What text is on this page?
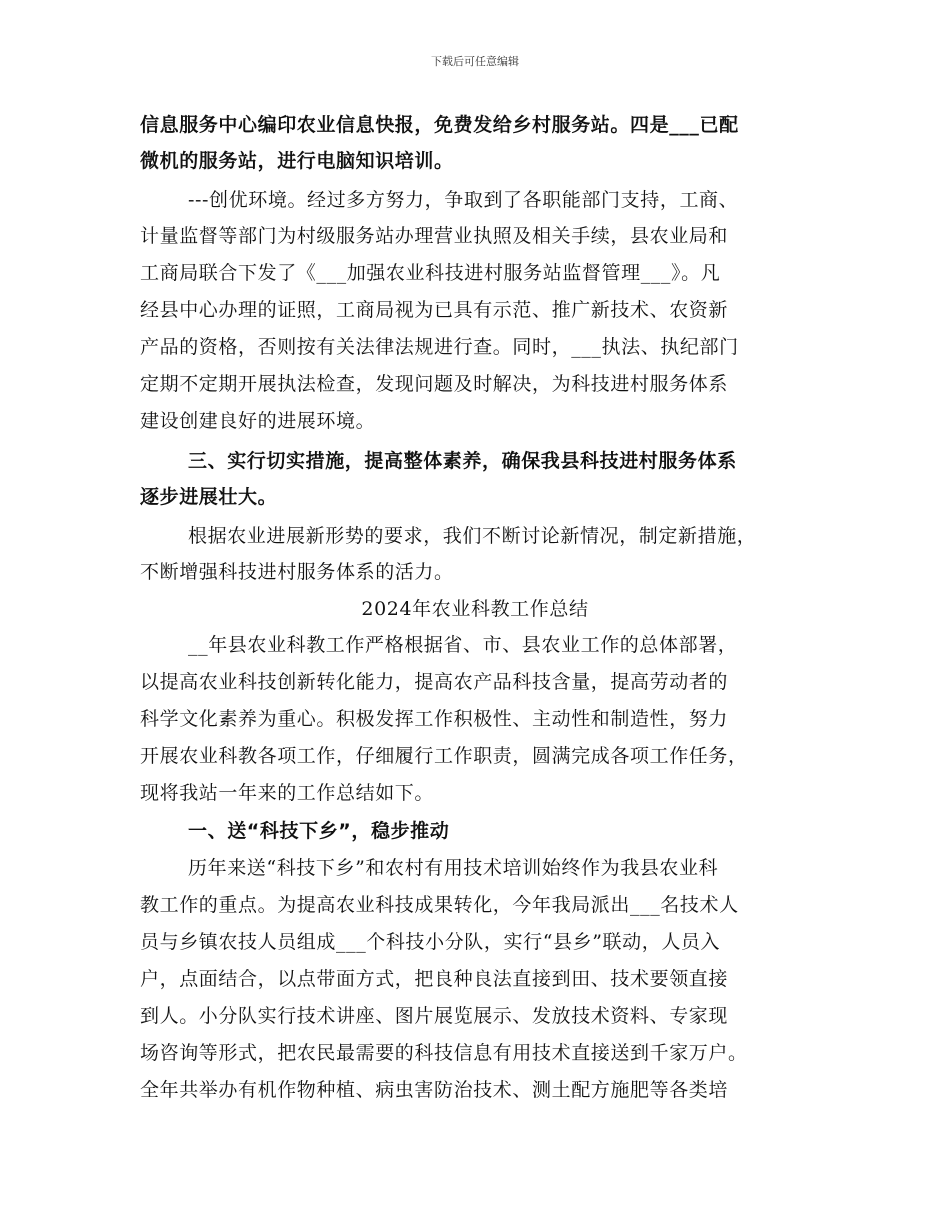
下载后可任意编辑
信息服务中心编印农业信息快报，免费发给乡村服务站。四是___已配
微机的服务站，进行电脑知识培训。
---创优环境。经过多方努力，争取到了各职能部门支持，工商、
计量监督等部门为村级服务站办理营业执照及相关手续，县农业局和
工商局联合下发了《___加强农业科技进村服务站监督管理___》。凡
经县中心办理的证照，工商局视为已具有示范、推广新技术、农资新
产品的资格，否则按有关法律法规进行查。同时，___执法、执纪部门
定期不定期开展执法检查，发现问题及时解决，为科技进村服务体系
建设创建良好的进展环境。
三、实行切实措施，提高整体素养，确保我县科技进村服务体系
逐步进展壮大。
根据农业进展新形势的要求，我们不断讨论新情况，制定新措施，
不断增强科技进村服务体系的活力。
2024年农业科教工作总结
__年县农业科教工作严格根据省、市、县农业工作的总体部署，
以提高农业科技创新转化能力，提高农产品科技含量，提高劳动者的
科学文化素养为重心。积极发挥工作积极性、主动性和制造性，努力
开展农业科教各项工作，仔细履行工作职责，圆满完成各项工作任务，
现将我站一年来的工作总结如下。
一、送“科技下乡”，稳步推动
历年来送“科技下乡”和农村有用技术培训始终作为我县农业科
教工作的重点。为提高农业科技成果转化，今年我局派出___名技术人
员与乡镇农技人员组成___个科技小分队，实行“县乡”联动，人员入
户，点面结合，以点带面方式，把良种良法直接到田、技术要领直接
到人。小分队实行技术讲座、图片展览展示、发放技术资料、专家现
场咨询等形式，把农民最需要的科技信息有用技术直接送到千家万户。
全年共举办有机作物种植、病虫害防治技术、测土配方施肥等各类培
